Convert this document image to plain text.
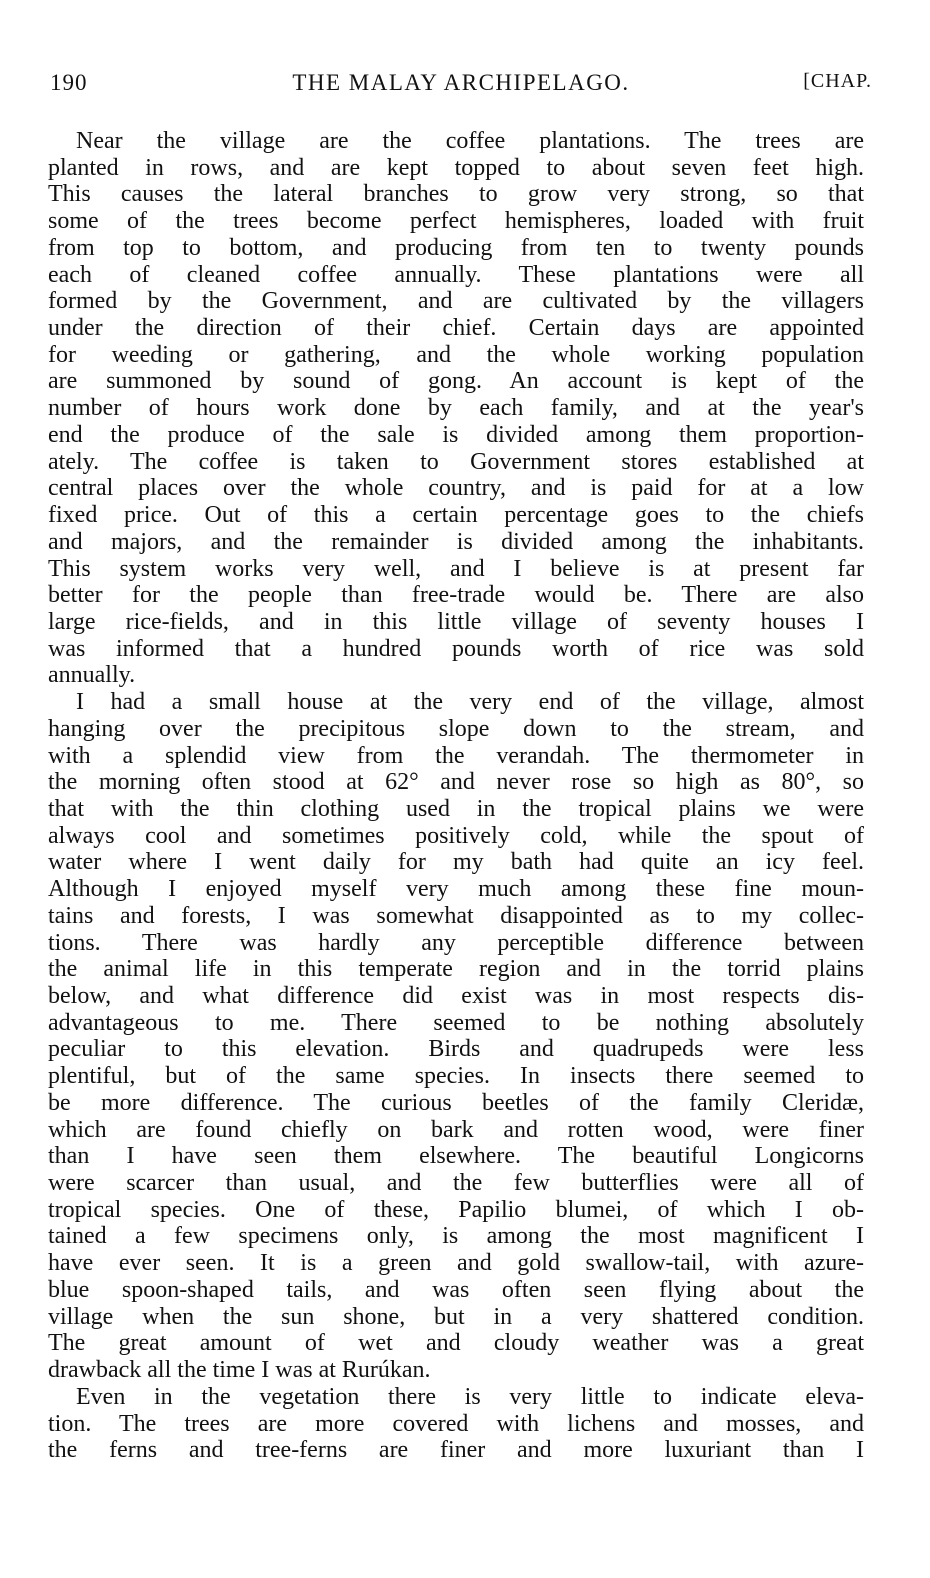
190	THE MALAY ARCHIPELAGO.	[CHAP.
Near the village are the coffee plantations. The trees are
planted in rows, and are kept topped to about seven feet high.
This causes the lateral branches to grow very strong, so that
some of the trees become perfect hemispheres, loaded with fruit
from top to bottom, and producing from ten to twenty pounds
each of cleaned coffee annually. These plantations were all
formed by the Government, and are cultivated by the villagers
under the direction of their chief. Certain days are appointed
for weeding or gathering, and the whole working population
are summoned by sound of gong. An account is kept of the
number of hours work done by each family, and at the year's
end the produce of the sale is divided among them proportion-
ately. The coffee is taken to Government stores established at
central places over the whole country, and is paid for at a low
fixed price. Out of this a certain percentage goes to the chiefs
and majors, and the remainder is divided among the inhabitants.
This system works very well, and I believe is at present far
better for the people than free-trade would be. There are also
large rice-fields, and in this little village of seventy houses I
was informed that a hundred pounds worth of rice was sold
annually.
I had a small house at the very end of the village, almost
hanging over the precipitous slope down to the stream, and
with a splendid view from the verandah. The thermometer in
the morning often stood at 62° and never rose so high as 80°, so
that with the thin clothing used in the tropical plains we were
always cool and sometimes positively cold, while the spout of
water where I went daily for my bath had quite an icy feel.
Although I enjoyed myself very much among these fine moun-
tains and forests, I was somewhat disappointed as to my collec-
tions. There was hardly any perceptible difference between
the animal life in this temperate region and in the torrid plains
below, and what difference did exist was in most respects dis-
advantageous to me. There seemed to be nothing absolutely
peculiar to this elevation. Birds and quadrupeds were less
plentiful, but of the same species. In insects there seemed to
be more difference. The curious beetles of the family Cleridæ,
which are found chiefly on bark and rotten wood, were finer
than I have seen them elsewhere. The beautiful Longicorns
were scarcer than usual, and the few butterflies were all of
tropical species. One of these, Papilio blumei, of which I ob-
tained a few specimens only, is among the most magnificent I
have ever seen. It is a green and gold swallow-tail, with azure-
blue spoon-shaped tails, and was often seen flying about the
village when the sun shone, but in a very shattered condition.
The great amount of wet and cloudy weather was a great
drawback all the time I was at Rurúkan.
Even in the vegetation there is very little to indicate eleva-
tion. The trees are more covered with lichens and mosses, and
the ferns and tree-ferns are finer and more luxuriant than I
